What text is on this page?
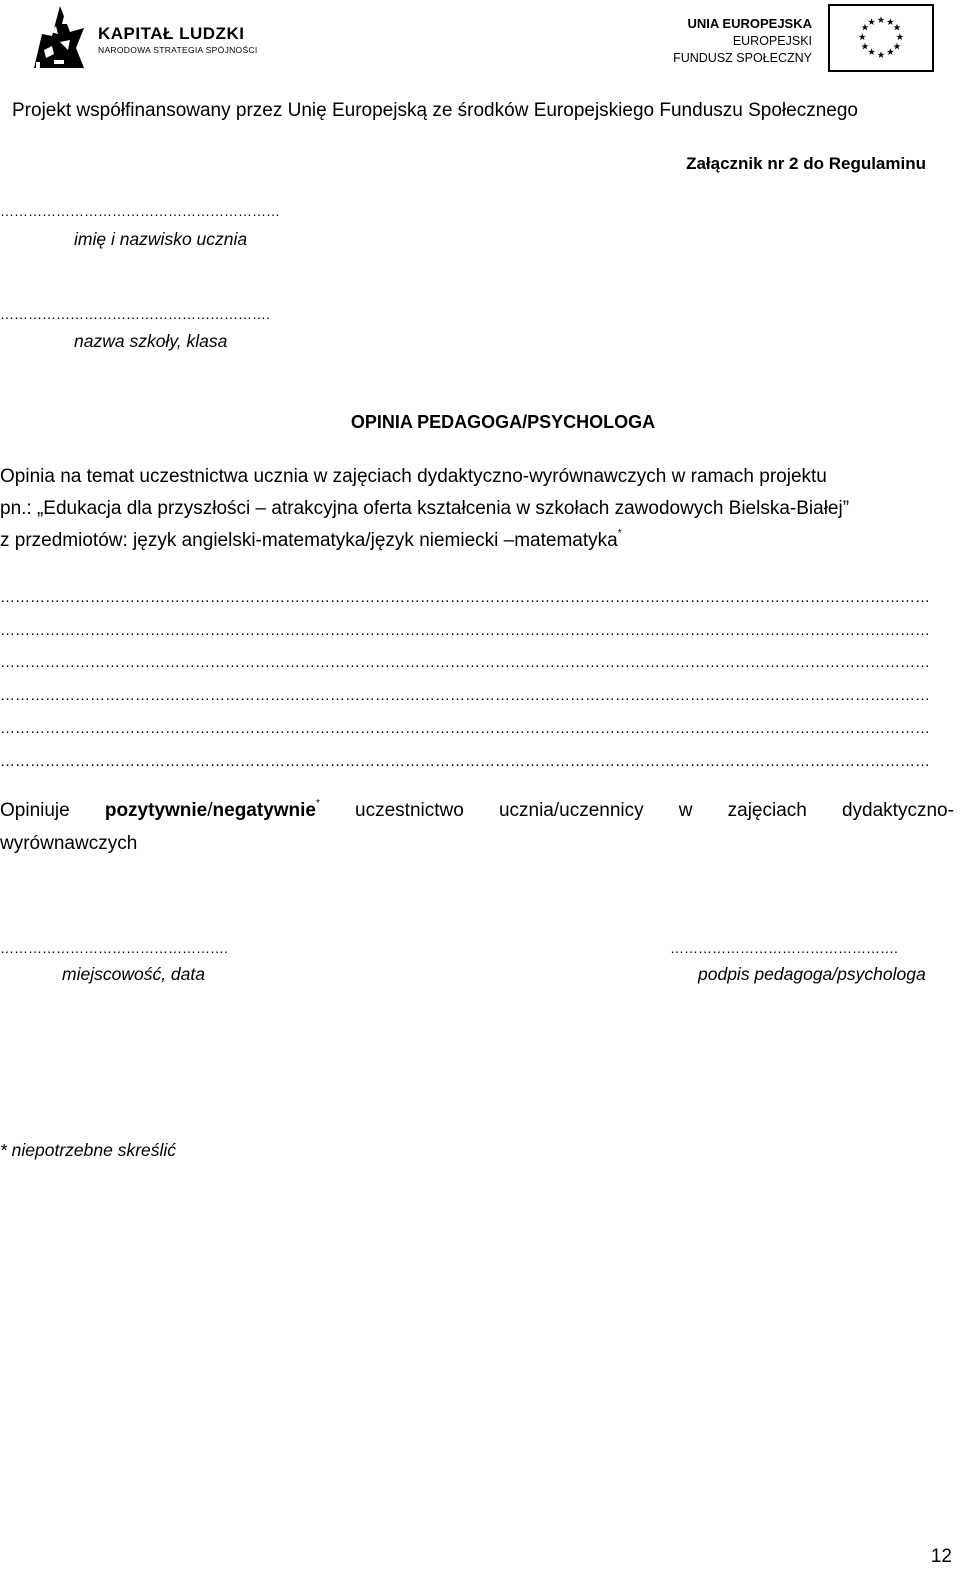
KAPITAŁ LUDZKI
NARODOWA STRATEGIA SPÓJNOŚCI
UNIA EUROPEJSKA
EUROPEJSKI
FUNDUSZ SPOŁECZNY
★ ★
★
★
★
★
★
★
★
★
★
★
Projekt współfinansowany przez Unię Europejską ze środków Europejskiego Funduszu Społecznego
Załącznik nr 2 do Regulaminu
……………………………………………………
imię i nazwisko ucznia
………………………………………………….
nazwa szkoły, klasa
OPINIA PEDAGOGA/PSYCHOLOGA
Opinia na temat uczestnictwa ucznia w zajęciach dydaktyczno-wyrównawczych w ramach projektu
pn.: „Edukacja dla przyszłości – atrakcyjna oferta kształcenia w szkołach zawodowych Bielska-Białej”
z przedmiotów: język angielski-matematyka/język niemiecki –matematyka*
……………………………………………………………………………………………………………………………………………………………………
……………………………………………………………………………………………………………………………………………………………………
……………………………………………………………………………………………………………………………………………………………………
……………………………………………………………………………………………………………………………………………………………………
……………………………………………………………………………………………………………………………………………………………………
……………………………………………………………………………………………………………………………………………………………………
Opiniuje pozytywnie/negatywnie* uczestnictwo ucznia/uczennicy w zajęciach dydaktyczno-
wyrównawczych
………………………………………….
miejscowość, data
………………………………………….
podpis pedagoga/psychologa
* niepotrzebne skreślić
12
